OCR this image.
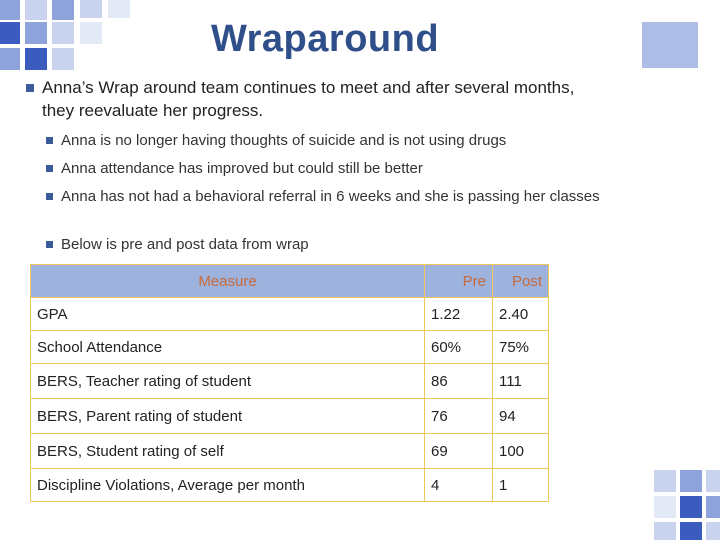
Wraparound
Anna’s Wrap around team continues to meet and after several months, they reevaluate her progress.
Anna is no longer having thoughts of suicide and is not using drugs
Anna attendance has improved but could still be better
Anna has not had a behavioral referral in 6 weeks and she is passing her classes
Below is pre and post data from wrap
Measure	Pre	Post
GPA	1.22	2.40
School Attendance	60%	75%
BERS, Teacher rating of student	86	111
BERS, Parent rating of student	76	94
BERS, Student rating of self	69	100
Discipline Violations, Average per month	4	1
